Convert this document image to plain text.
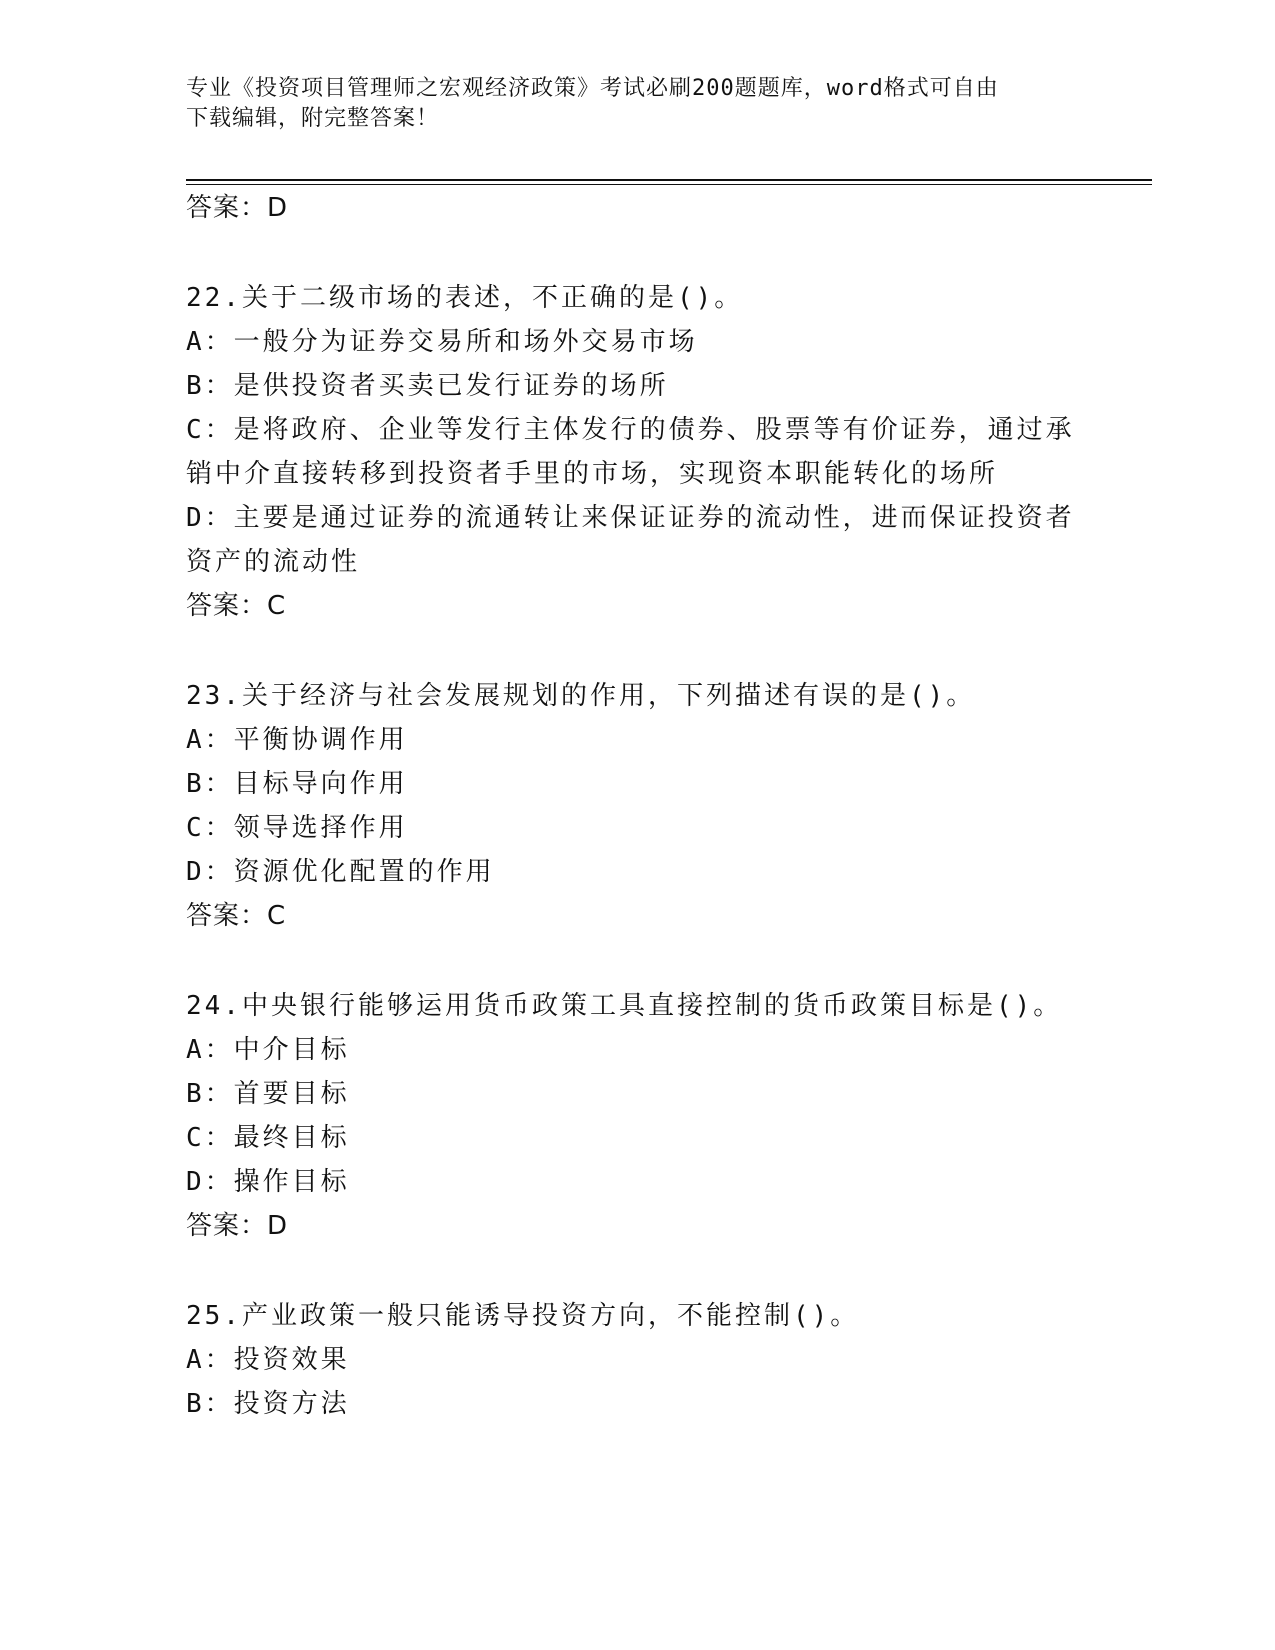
专业《投资项目管理师之宏观经济政策》考试必刷200题题库，word格式可自由
下载编辑，附完整答案！
答案：D
22.关于二级市场的表述，不正确的是()。
A：一般分为证券交易所和场外交易市场
B：是供投资者买卖已发行证券的场所
C：是将政府、企业等发行主体发行的债券、股票等有价证券，通过承
销中介直接转移到投资者手里的市场，实现资本职能转化的场所
D：主要是通过证券的流通转让来保证证券的流动性，进而保证投资者
资产的流动性
答案：C
23.关于经济与社会发展规划的作用，下列描述有误的是()。
A：平衡协调作用
B：目标导向作用
C：领导选择作用
D：资源优化配置的作用
答案：C
24.中央银行能够运用货币政策工具直接控制的货币政策目标是()。
A：中介目标
B：首要目标
C：最终目标
D：操作目标
答案：D
25.产业政策一般只能诱导投资方向，不能控制()。
A：投资效果
B：投资方法
